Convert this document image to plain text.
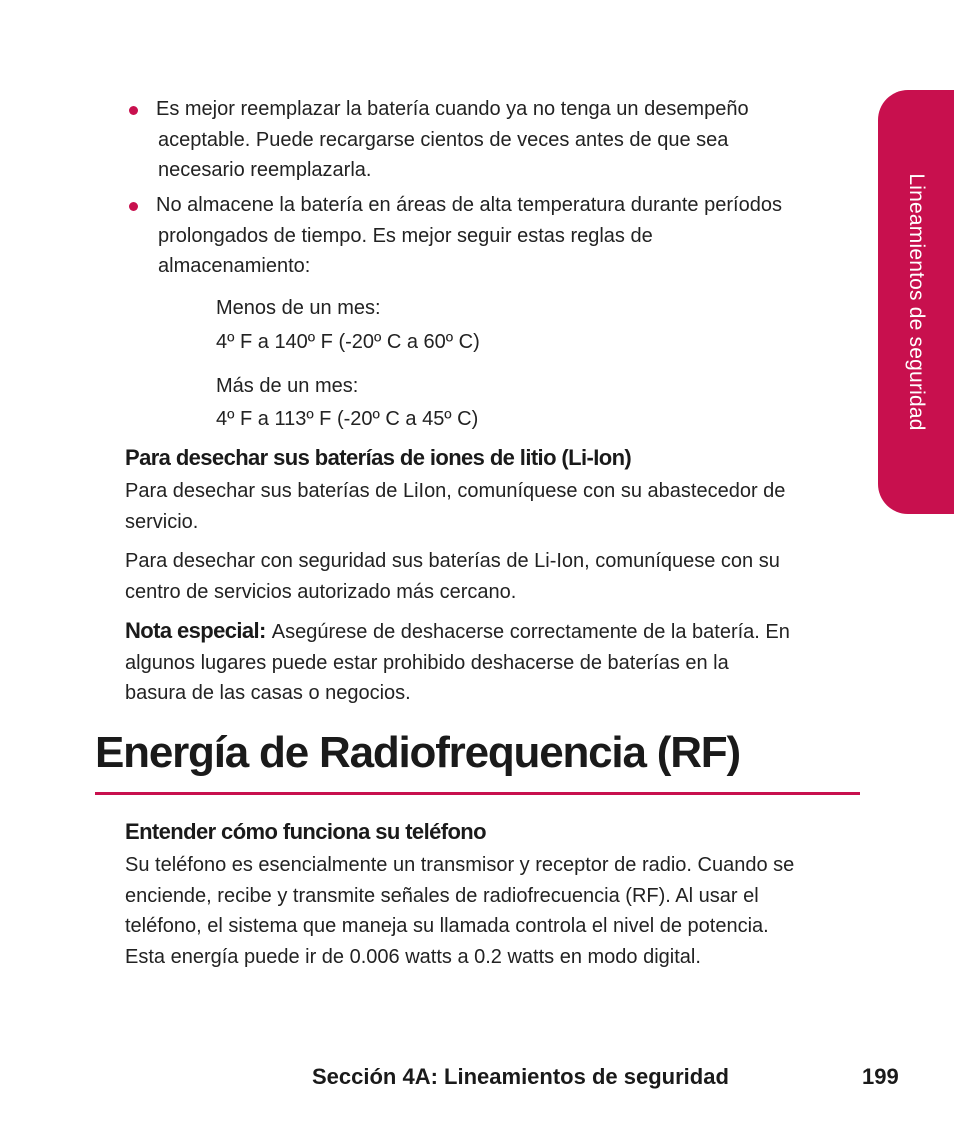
Lineamientos de seguridad
Es mejor reemplazar la batería cuando ya no tenga un desempeño
aceptable. Puede recargarse cientos de veces antes de que sea
necesario reemplazarla.
No almacene la batería en áreas de alta temperatura durante períodos
prolongados de tiempo. Es mejor seguir estas reglas de
almacenamiento:
Menos de un mes:
4º F a 140º F (-20º C a 60º C)
Más de un mes:
4º F a 113º F (-20º C a 45º C)
Para desechar sus baterías de iones de litio (Li-Ion)
Para desechar sus baterías de LiIon, comuníquese con su abastecedor de
servicio.
Para desechar con seguridad sus baterías de Li-Ion, comuníquese con su
centro de servicios autorizado más cercano.
Nota especial: Asegúrese de deshacerse correctamente de la batería. En
algunos lugares puede estar prohibido deshacerse de baterías en la
basura de las casas o negocios.
Energía de Radiofrequencia (RF)
Entender cómo funciona su teléfono
Su teléfono es esencialmente un transmisor y receptor de radio. Cuando se
enciende, recibe y transmite señales de radiofrecuencia (RF). Al usar el
teléfono, el sistema que maneja su llamada controla el nivel de potencia.
Esta energía puede ir de 0.006 watts a 0.2 watts en modo digital.
Sección 4A: Lineamientos de seguridad	199
